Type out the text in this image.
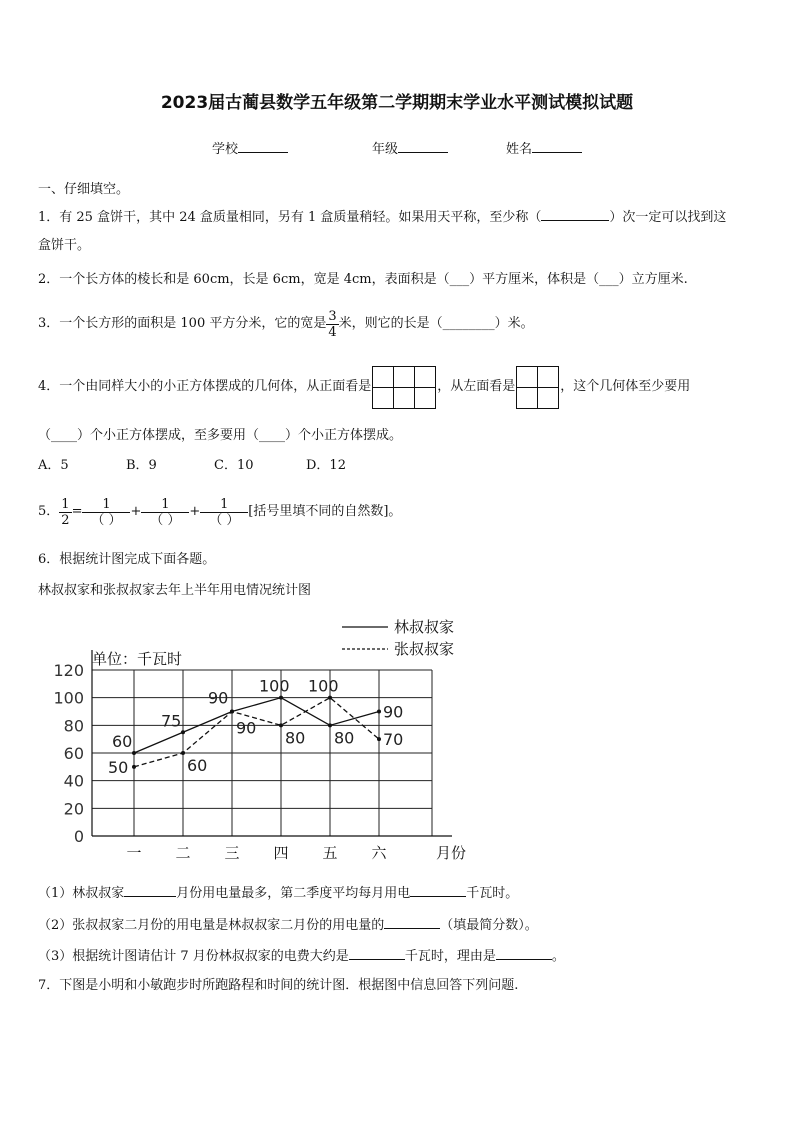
2023届古蔺县数学五年级第二学期期末学业水平测试模拟试题
学校	年级	姓名
一、仔细填空。
1．有 25 盒饼干，其中 24 盒质量相同，另有 1 盒质量稍轻。如果用天平称，至少称（	）次一定可以找到这
盒饼干。
2．一个长方体的棱长和是 60cm，长是 6cm，宽是 4cm，表面积是（___）平方厘米，体积是（___）立方厘米.
3．一个长方形的面积是 100 平方分米，它的宽是 $\frac{3}{4}$ 米，则它的长是（________）米。
4．一个由同样大小的小正方体摆成的几何体，从正面看是

			，从左面看是

		，这个几何体至少要用
（____）个小正方体摆成，至多要用（____）个小正方体摆成。
A．5	B．9	C．10	D．12
5． $\frac{1}{2} = \frac{1}{( )} + \frac{1}{( )} + \frac{1}{( )}$ [括号里填不同的自然数]。
6．根据统计图完成下面各题。
林叔叔家和张叔叔家去年上半年用电情况统计图
0
20
40
60
80
100
120
一 二 三 四 五 六
60
75
90
100
80
90
50	60
90
80
100
70
林叔叔家
张叔叔家
单位：千瓦时
月份
（1）林叔叔家	月份用电量最多，第二季度平均每月用电	千瓦时。
（2）张叔叔家二月份的用电量是林叔叔家二月份的用电量的	（填最简分数）。
（3）根据统计图请估计 7 月份林叔叔家的电费大约是	千瓦时，理由是	。
7．下图是小明和小敏跑步时所跑路程和时间的统计图．根据图中信息回答下列问题.
